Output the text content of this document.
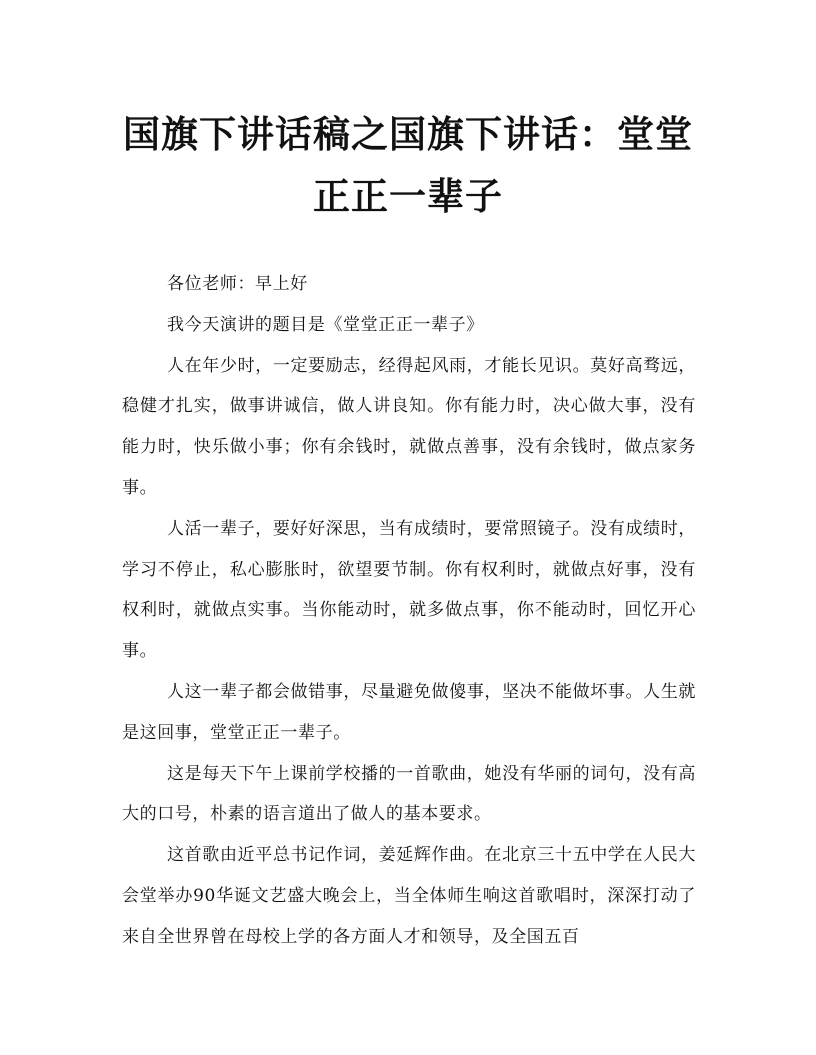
国旗下讲话稿之国旗下讲话：堂堂正正一辈子

各位老师：早上好

我今天演讲的题目是《堂堂正正一辈子》

人在年少时，一定要励志，经得起风雨，才能长见识。莫好高骛远，稳健才扎实，做事讲诚信，做人讲良知。你有能力时，决心做大事，没有能力时，快乐做小事；你有余钱时，就做点善事，没有余钱时，做点家务事。

人活一辈子，要好好深思，当有成绩时，要常照镜子。没有成绩时，学习不停止，私心膨胀时，欲望要节制。你有权利时，就做点好事，没有权利时，就做点实事。当你能动时，就多做点事，你不能动时，回忆开心事。

人这一辈子都会做错事，尽量避免做傻事，坚决不能做坏事。人生就是这回事，堂堂正正一辈子。

这是每天下午上课前学校播的一首歌曲，她没有华丽的词句，没有高大的口号，朴素的语言道出了做人的基本要求。

这首歌由近平总书记作词，姜延辉作曲。在北京三十五中学在人民大会堂举办90华诞文艺盛大晚会上，当全体师生响这首歌唱时，深深打动了来自全世界曾在母校上学的各方面人才和领导，及全国五百
